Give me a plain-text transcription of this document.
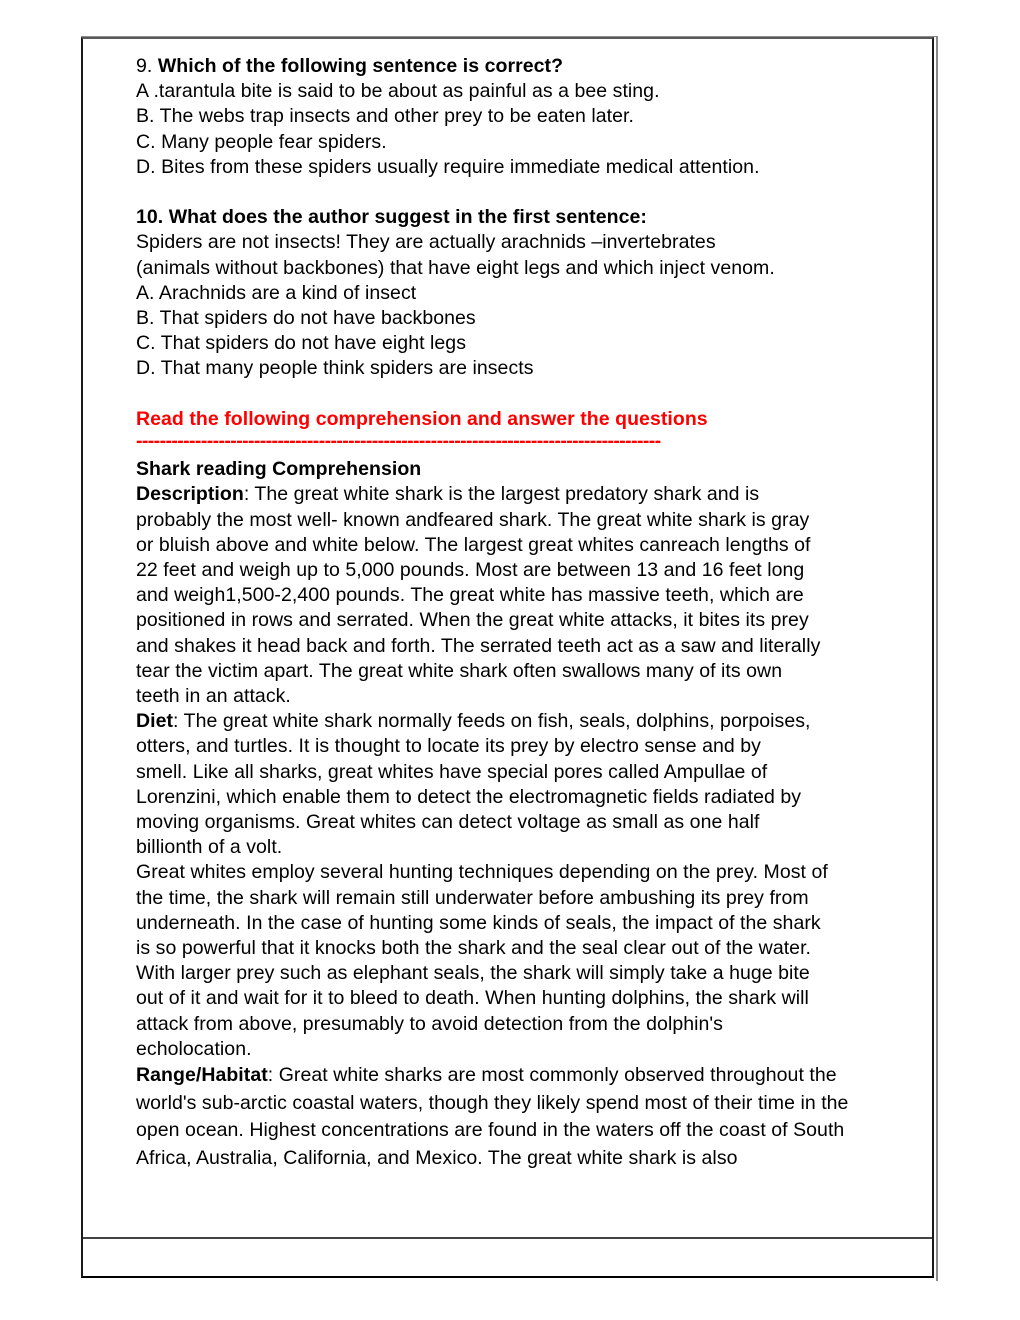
9. Which of the following sentence is correct?

A .tarantula bite is said to be about as painful as a bee sting.

B. The webs trap insects and other prey to be eaten later.

C. Many people fear spiders.

D. Bites from these spiders usually require immediate medical attention.

10. What does the author suggest in the first sentence:

Spiders are not insects! They are actually arachnids –invertebrates

(animals without backbones) that have eight legs and which inject venom.

A. Arachnids are a kind of insect

B. That spiders do not have backbones

C. That spiders do not have eight legs

D. That many people think spiders are insects

Read the following comprehension and answer the questions

-----------------------------------------------------------------------------------------

Shark reading Comprehension

Description: The great white shark is the largest predatory shark and is

probably the most well- known andfeared shark. The great white shark is gray

or bluish above and white below. The largest great whites canreach lengths of

22 feet and weigh up to 5,000 pounds. Most are between 13 and 16 feet long

and weigh1,500-2,400 pounds. The great white has massive teeth, which are

positioned in rows and serrated. When the great white attacks, it bites its prey

and shakes it head back and forth. The serrated teeth act as a saw and literally

tear the victim apart. The great white shark often swallows many of its own

teeth in an attack.

Diet: The great white shark normally feeds on fish, seals, dolphins, porpoises,

otters, and turtles. It is thought to locate its prey by electro sense and by

smell. Like all sharks, great whites have special pores called Ampullae of

Lorenzini, which enable them to detect the electromagnetic fields radiated by

moving organisms. Great whites can detect voltage as small as one half

billionth of a volt.

Great whites employ several hunting techniques depending on the prey. Most of

the time, the shark will remain still underwater before ambushing its prey from

underneath. In the case of hunting some kinds of seals, the impact of the shark

is so powerful that it knocks both the shark and the seal clear out of the water.

With larger prey such as elephant seals, the shark will simply take a huge bite

out of it and wait for it to bleed to death. When hunting dolphins, the shark will

attack from above, presumably to avoid detection from the dolphin's

echolocation.

Range/Habitat: Great white sharks are most commonly observed throughout the

world's sub-arctic coastal waters, though they likely spend most of their time in the

open ocean. Highest concentrations are found in the waters off the coast of South

Africa, Australia, California, and Mexico. The great white shark is also
